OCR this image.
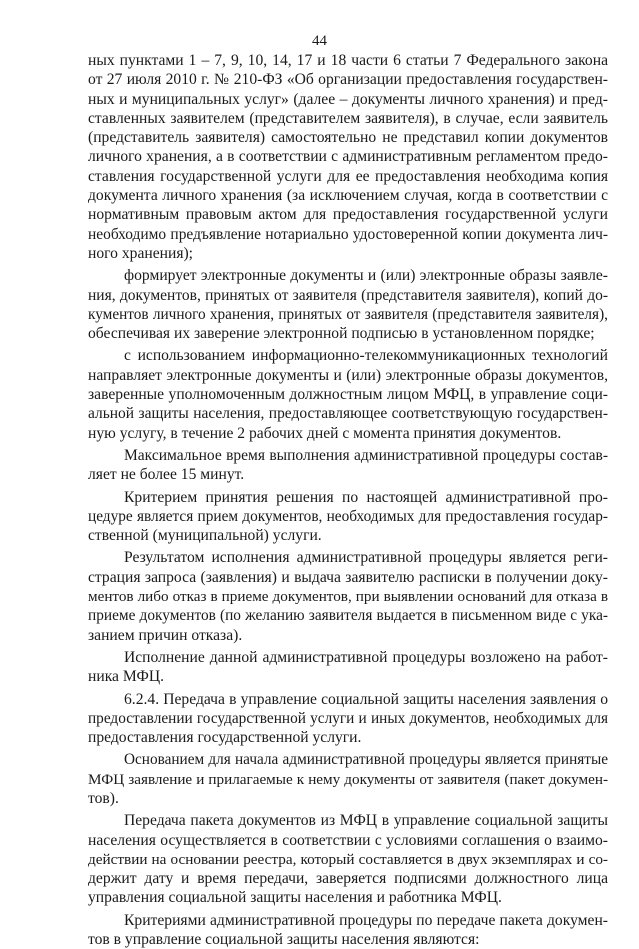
44
ных пунктами 1 – 7, 9, 10, 14, 17 и 18 части 6 статьи 7 Федерального закона
от 27 июля 2010 г. № 210-ФЗ «Об организации предоставления государствен-
ных и муниципальных услуг» (далее – документы личного хранения) и пред-
ставленных заявителем (представителем заявителя), в случае, если заявитель
(представитель заявителя) самостоятельно не представил копии документов
личного хранения, а в соответствии с административным регламентом предо-
ставления государственной услуги для ее предоставления необходима копия
документа личного хранения (за исключением случая, когда в соответствии с
нормативным правовым актом для предоставления государственной услуги
необходимо предъявление нотариально удостоверенной копии документа лич-
ного хранения);
формирует электронные документы и (или) электронные образы заявле-
ния, документов, принятых от заявителя (представителя заявителя), копий до-
кументов личного хранения, принятых от заявителя (представителя заявителя),
обеспечивая их заверение электронной подписью в установленном порядке;
с использованием информационно-телекоммуникационных технологий
направляет электронные документы и (или) электронные образы документов,
заверенные уполномоченным должностным лицом МФЦ, в управление соци-
альной защиты населения, предоставляющее соответствующую государствен-
ную услугу, в течение 2 рабочих дней с момента принятия документов.
Максимальное время выполнения административной процедуры состав-
ляет не более 15 минут.
Критерием принятия решения по настоящей административной про-
цедуре является прием документов, необходимых для предоставления государ-
ственной (муниципальной) услуги.
Результатом исполнения административной процедуры является реги-
страция запроса (заявления) и выдача заявителю расписки в получении доку-
ментов либо отказ в приеме документов, при выявлении оснований для отказа в
приеме документов (по желанию заявителя выдается в письменном виде с ука-
занием причин отказа).
Исполнение данной административной процедуры возложено на работ-
ника МФЦ.
6.2.4. Передача в управление социальной защиты населения заявления о
предоставлении государственной услуги и иных документов, необходимых для
предоставления государственной услуги.
Основанием для начала административной процедуры является принятые
МФЦ заявление и прилагаемые к нему документы от заявителя (пакет докумен-
тов).
Передача пакета документов из МФЦ в управление социальной защиты
населения осуществляется в соответствии с условиями соглашения о взаимо-
действии на основании реестра, который составляется в двух экземплярах и со-
держит дату и время передачи, заверяется подписями должностного лица
управления социальной защиты населения и работника МФЦ.
Критериями административной процедуры по передаче пакета докумен-
тов в управление социальной защиты населения являются:
